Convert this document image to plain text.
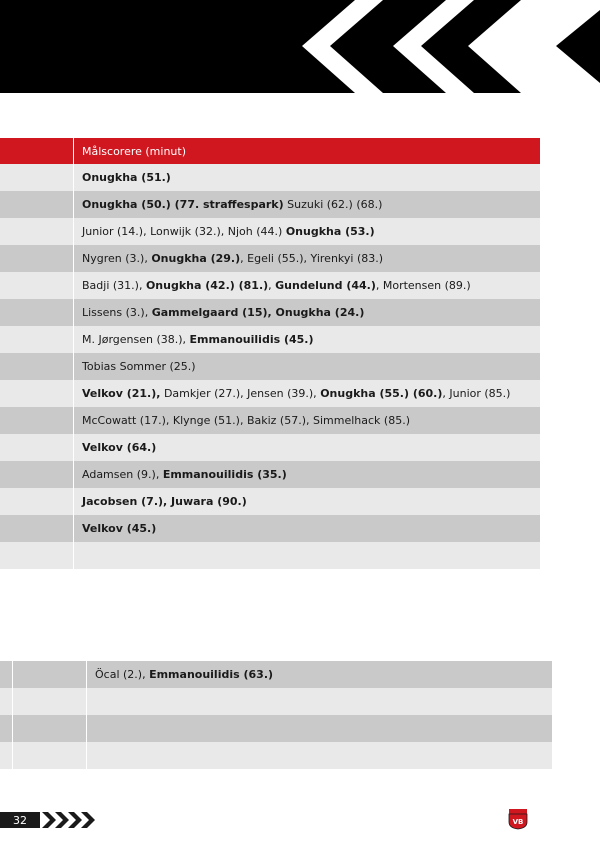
Målscorere (minut)
Onugkha (51.)
Onugkha (50.) (77. straffespark) Suzuki (62.) (68.)
Junior (14.), Lonwijk (32.), Njoh (44.) Onugkha (53.)
Nygren (3.), Onugkha (29.) , Egeli (55.), Yirenkyi (83.)
Badji (31.), Onugkha (42.) (81.) , Gundelund (44.) , Mortensen (89.)
Lissens (3.), Gammelgaard (15), Onugkha (24.)
M. Jørgensen (38.), Emmanouilidis (45.)
Tobias Sommer (25.)
Velkov (21.), Damkjer (27.), Jensen (39.), Onugkha (55.) (60.) , Junior (85.)
McCowatt (17.), Klynge (51.), Bakiz (57.), Simmelhack (85.)
Velkov (64.)
Adamsen (9.), Emmanouilidis (35.)
Jacobsen (7.), Juwara (90.)
Velkov (45.)
Öcal (2.), Emmanouilidis (63.)
32	VB
